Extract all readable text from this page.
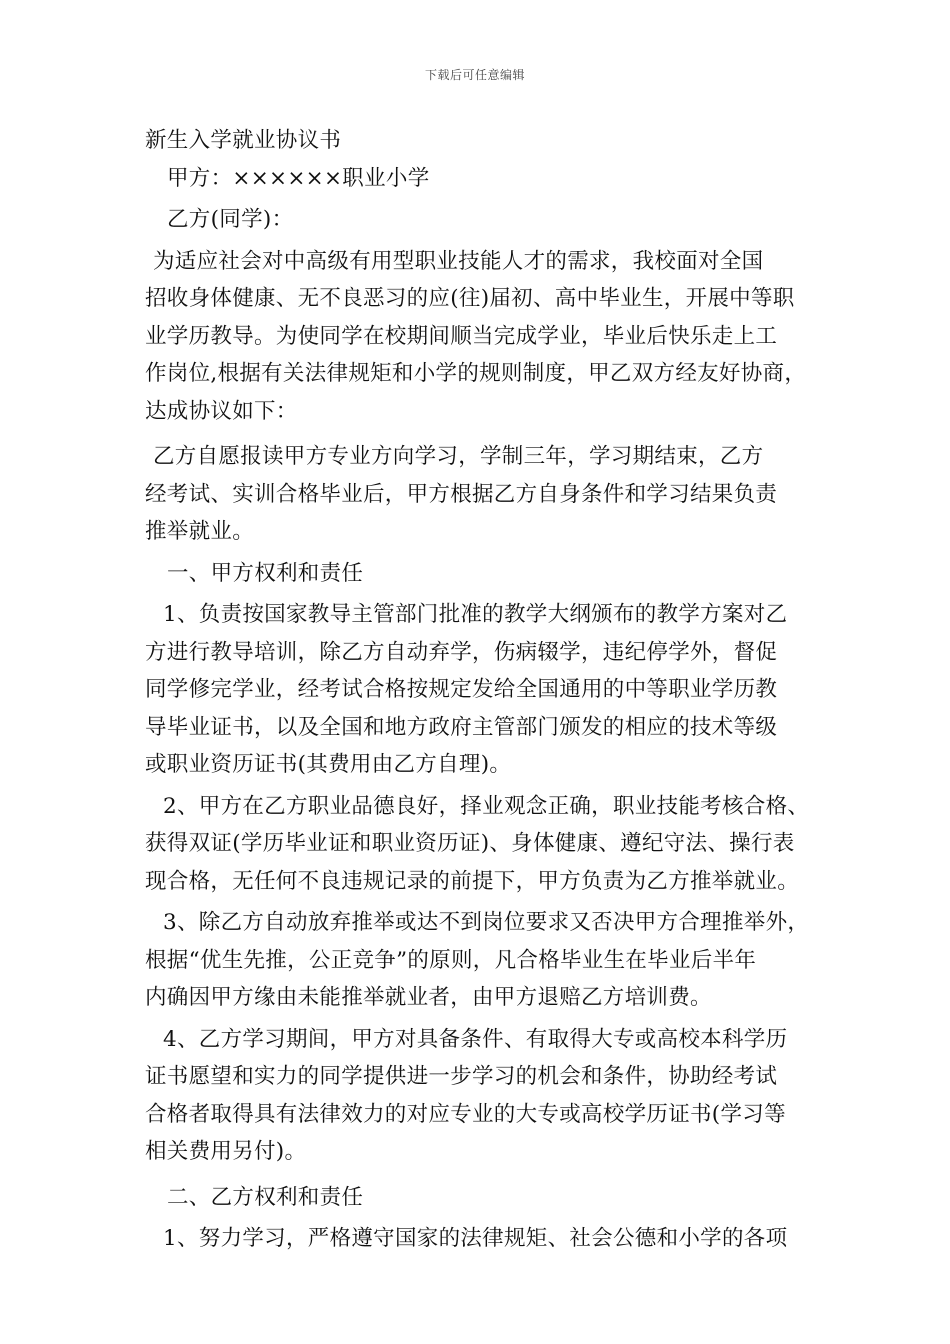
下载后可任意编辑
新生入学就业协议书
甲方：××××××职业小学
乙方(同学)：
为适应社会对中高级有用型职业技能人才的需求，我校面对全国
招收身体健康、无不良恶习的应(往)届初、高中毕业生，开展中等职
业学历教导。为使同学在校期间顺当完成学业，毕业后快乐走上工
作岗位,根据有关法律规矩和小学的规则制度，甲乙双方经友好协商，
达成协议如下：
乙方自愿报读甲方专业方向学习，学制三年，学习期结束，乙方
经考试、实训合格毕业后，甲方根据乙方自身条件和学习结果负责
推举就业。
一、甲方权利和责任
1、负责按国家教导主管部门批准的教学大纲颁布的教学方案对乙
方进行教导培训，除乙方自动弃学，伤病辍学，违纪停学外，督促
同学修完学业，经考试合格按规定发给全国通用的中等职业学历教
导毕业证书，以及全国和地方政府主管部门颁发的相应的技术等级
或职业资历证书(其费用由乙方自理)。
2、甲方在乙方职业品德良好，择业观念正确，职业技能考核合格、
获得双证(学历毕业证和职业资历证)、身体健康、遵纪守法、操行表
现合格，无任何不良违规记录的前提下，甲方负责为乙方推举就业。
3、除乙方自动放弃推举或达不到岗位要求又否决甲方合理推举外，
根据“优生先推，公正竞争”的原则，凡合格毕业生在毕业后半年
内确因甲方缘由未能推举就业者，由甲方退赔乙方培训费。
4、乙方学习期间，甲方对具备条件、有取得大专或高校本科学历
证书愿望和实力的同学提供进一步学习的机会和条件，协助经考试
合格者取得具有法律效力的对应专业的大专或高校学历证书(学习等
相关费用另付)。
二、乙方权利和责任
1、努力学习，严格遵守国家的法律规矩、社会公德和小学的各项
